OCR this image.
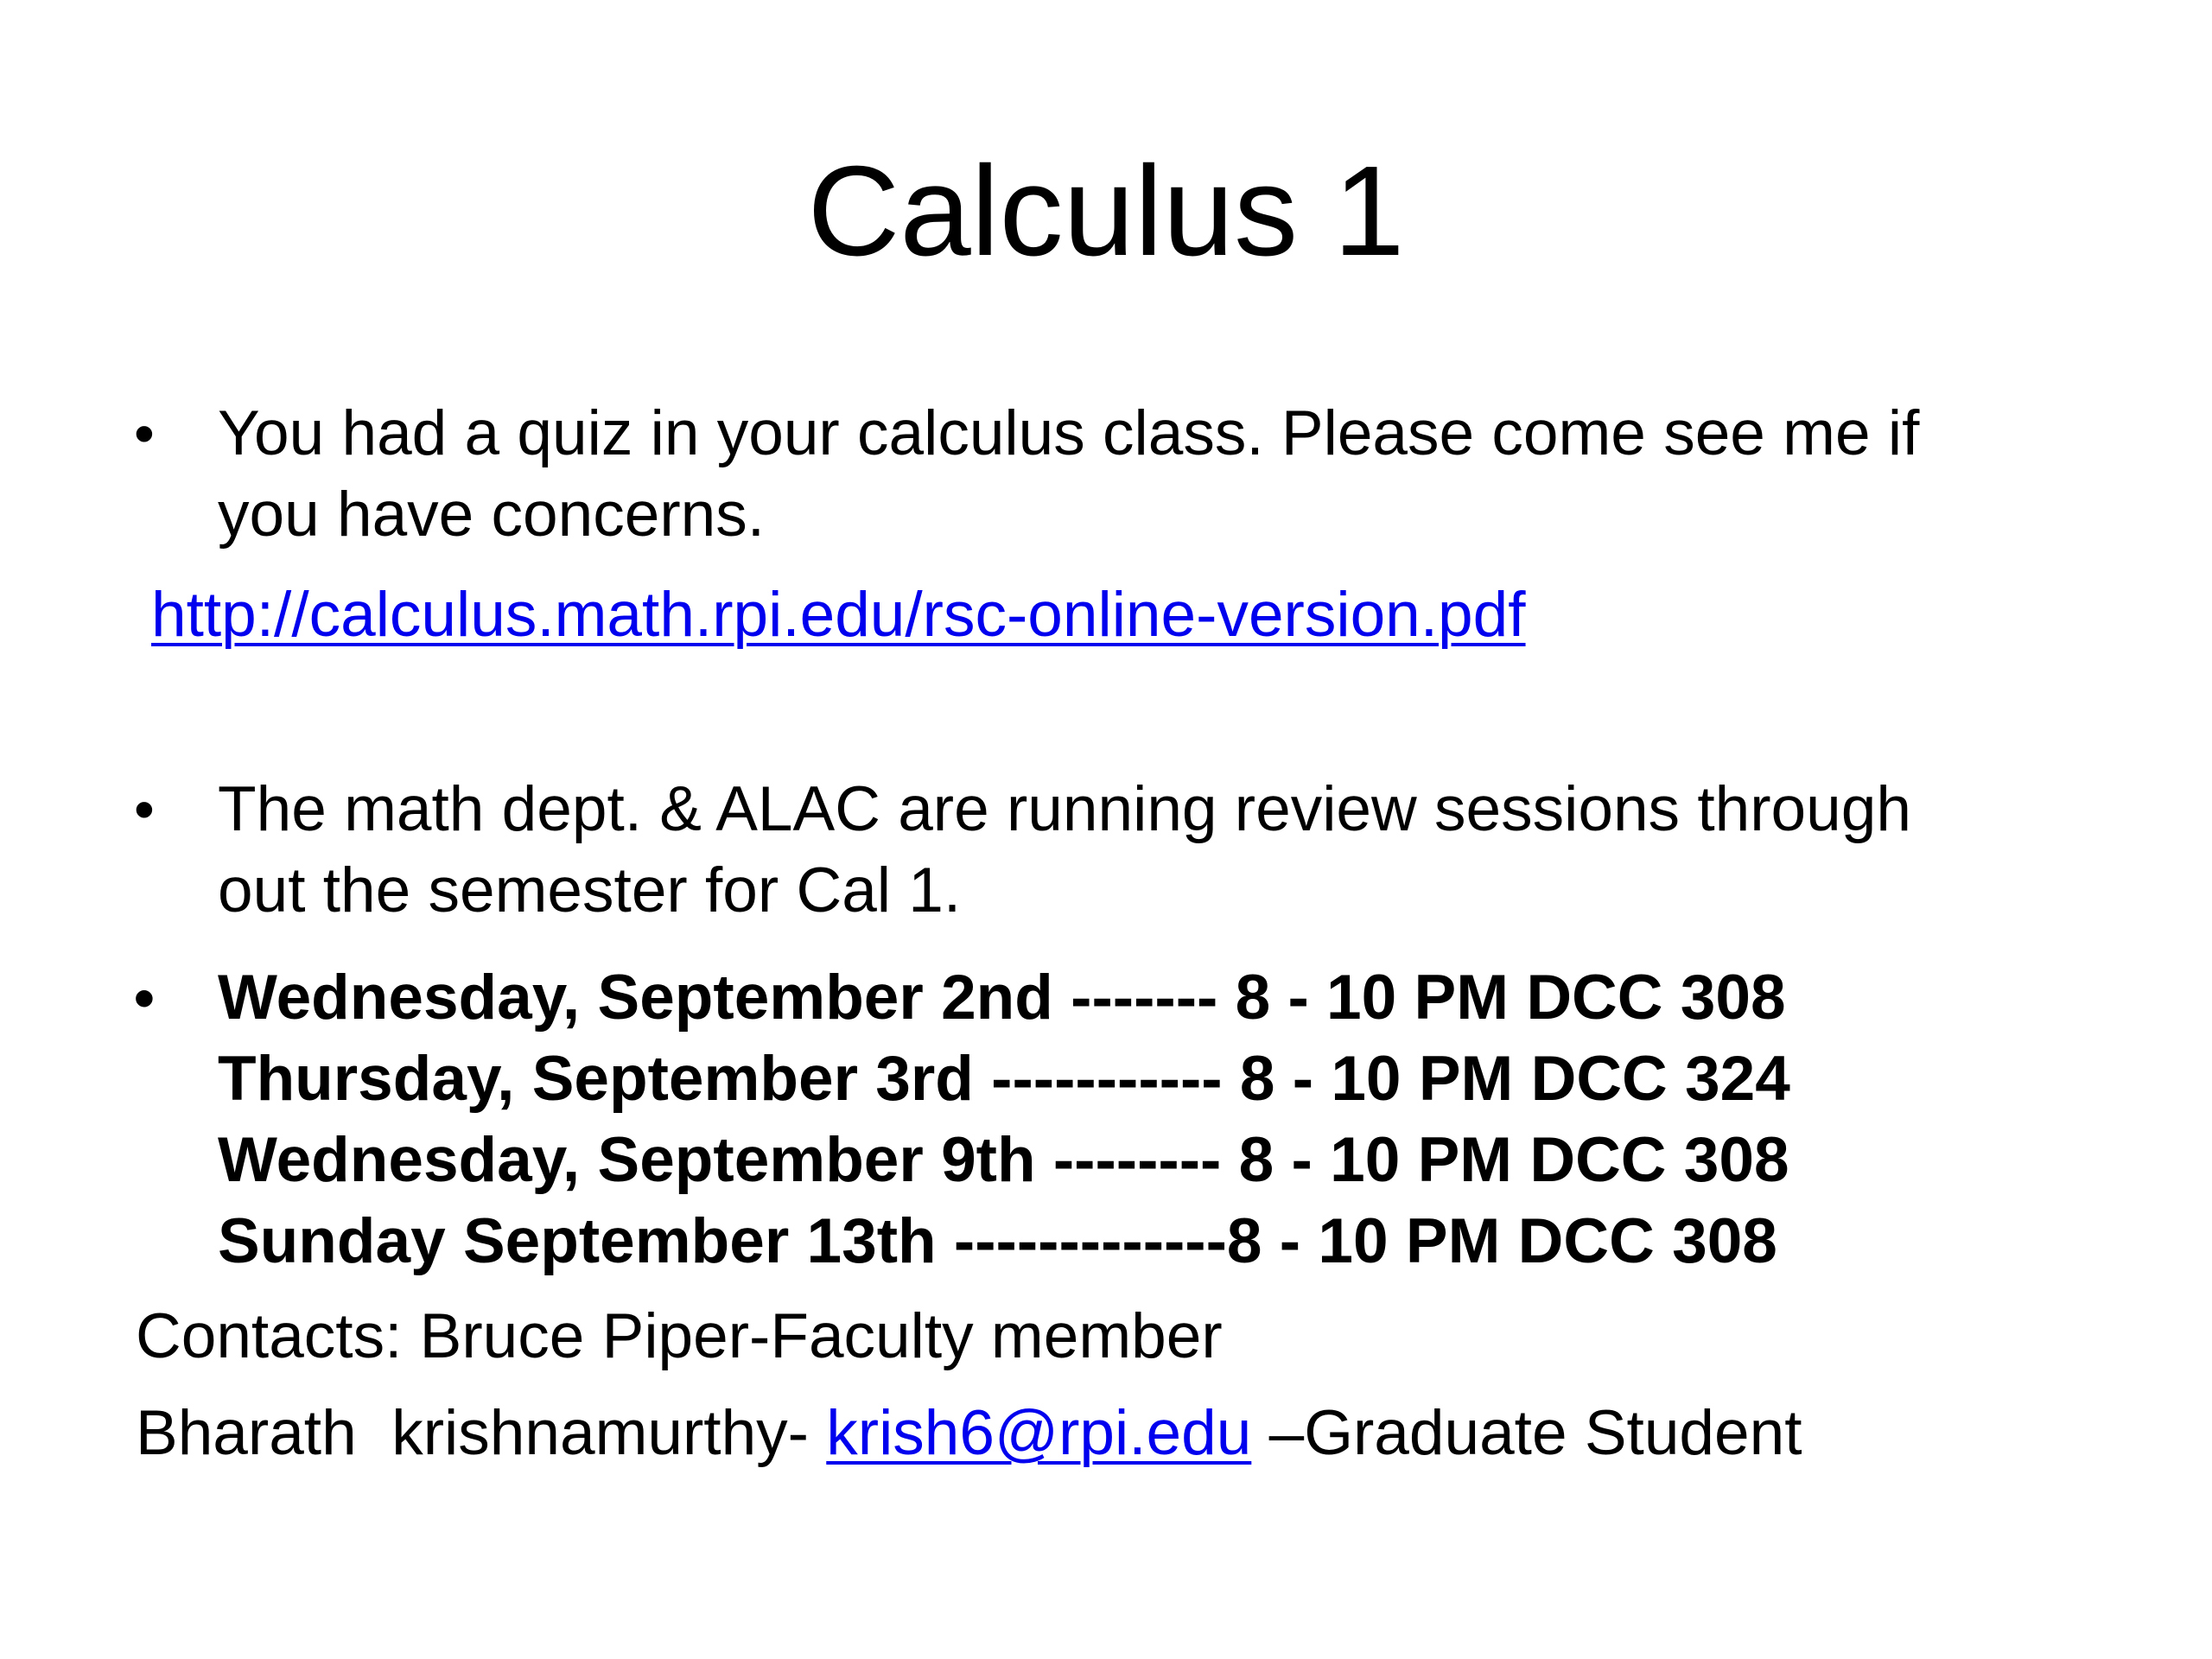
Calculus 1
• You had a quiz in your calculus class. Please come see me if
you have concerns.
http://calculus.math.rpi.edu/rsc-online-version.pdf
• The math dept. & ALAC are running review sessions through
out the semester for Cal 1.
• Wednesday, September 2nd ------- 8 - 10 PM DCC 308
Thursday, September 3rd ----------- 8 - 10 PM DCC 324
Wednesday, September 9th -------- 8 - 10 PM DCC 308
Sunday September 13th -------------8 - 10 PM DCC 308
Contacts: Bruce Piper-Faculty member
Bharath  krishnamurthy- krish6@rpi.edu –Graduate Student
